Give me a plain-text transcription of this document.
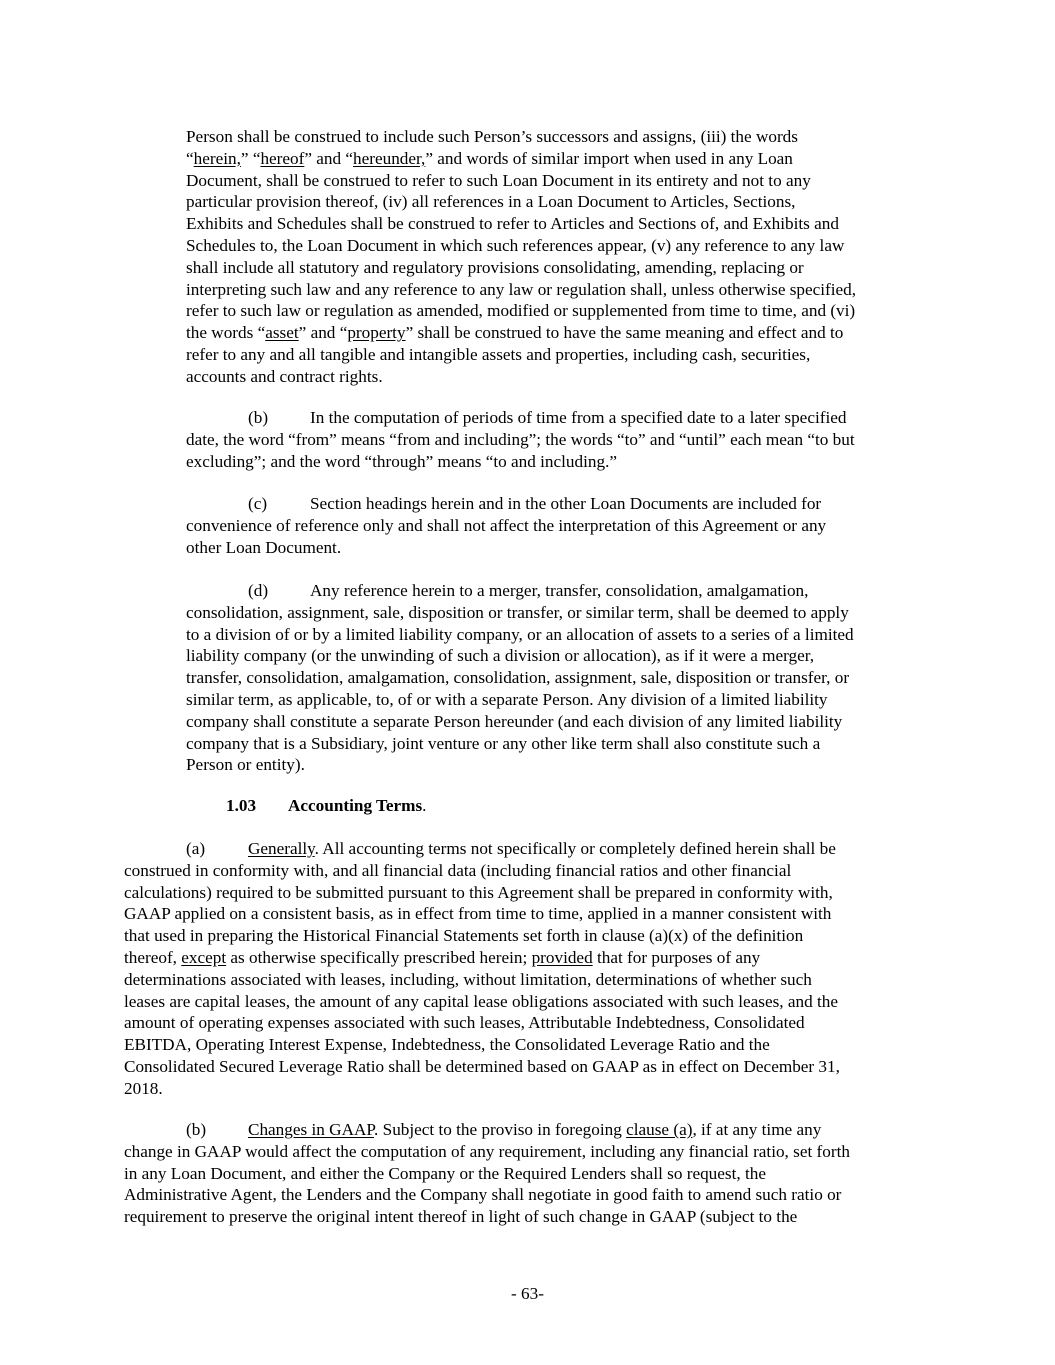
Person shall be construed to include such Person’s successors and assigns, (iii) the words
“herein,” “hereof” and “hereunder,” and words of similar import when used in any Loan
Document, shall be construed to refer to such Loan Document in its entirety and not to any
particular provision thereof, (iv) all references in a Loan Document to Articles, Sections,
Exhibits and Schedules shall be construed to refer to Articles and Sections of, and Exhibits and
Schedules to, the Loan Document in which such references appear, (v) any reference to any law
shall include all statutory and regulatory provisions consolidating, amending, replacing or
interpreting such law and any reference to any law or regulation shall, unless otherwise specified,
refer to such law or regulation as amended, modified or supplemented from time to time, and (vi)
the words “asset” and “property” shall be construed to have the same meaning and effect and to
refer to any and all tangible and intangible assets and properties, including cash, securities,
accounts and contract rights.
(b) In the computation of periods of time from a specified date to a later specified
date, the word “from” means “from and including”; the words “to” and “until” each mean “to but
excluding”; and the word “through” means “to and including.”
(c) Section headings herein and in the other Loan Documents are included for
convenience of reference only and shall not affect the interpretation of this Agreement or any
other Loan Document.
(d) Any reference herein to a merger, transfer, consolidation, amalgamation,
consolidation, assignment, sale, disposition or transfer, or similar term, shall be deemed to apply
to a division of or by a limited liability company, or an allocation of assets to a series of a limited
liability company (or the unwinding of such a division or allocation), as if it were a merger,
transfer, consolidation, amalgamation, consolidation, assignment, sale, disposition or transfer, or
similar term, as applicable, to, of or with a separate Person. Any division of a limited liability
company shall constitute a separate Person hereunder (and each division of any limited liability
company that is a Subsidiary, joint venture or any other like term shall also constitute such a
Person or entity).
1.03 Accounting Terms.
(a) Generally. All accounting terms not specifically or completely defined herein shall be
construed in conformity with, and all financial data (including financial ratios and other financial
calculations) required to be submitted pursuant to this Agreement shall be prepared in conformity with,
GAAP applied on a consistent basis, as in effect from time to time, applied in a manner consistent with
that used in preparing the Historical Financial Statements set forth in clause (a)(x) of the definition
thereof, except as otherwise specifically prescribed herein; provided that for purposes of any
determinations associated with leases, including, without limitation, determinations of whether such
leases are capital leases, the amount of any capital lease obligations associated with such leases, and the
amount of operating expenses associated with such leases, Attributable Indebtedness, Consolidated
EBITDA, Operating Interest Expense, Indebtedness, the Consolidated Leverage Ratio and the
Consolidated Secured Leverage Ratio shall be determined based on GAAP as in effect on December 31,
2018.
(b) Changes in GAAP. Subject to the proviso in foregoing clause (a), if at any time any
change in GAAP would affect the computation of any requirement, including any financial ratio, set forth
in any Loan Document, and either the Company or the Required Lenders shall so request, the
Administrative Agent, the Lenders and the Company shall negotiate in good faith to amend such ratio or
requirement to preserve the original intent thereof in light of such change in GAAP (subject to the
- 63-
